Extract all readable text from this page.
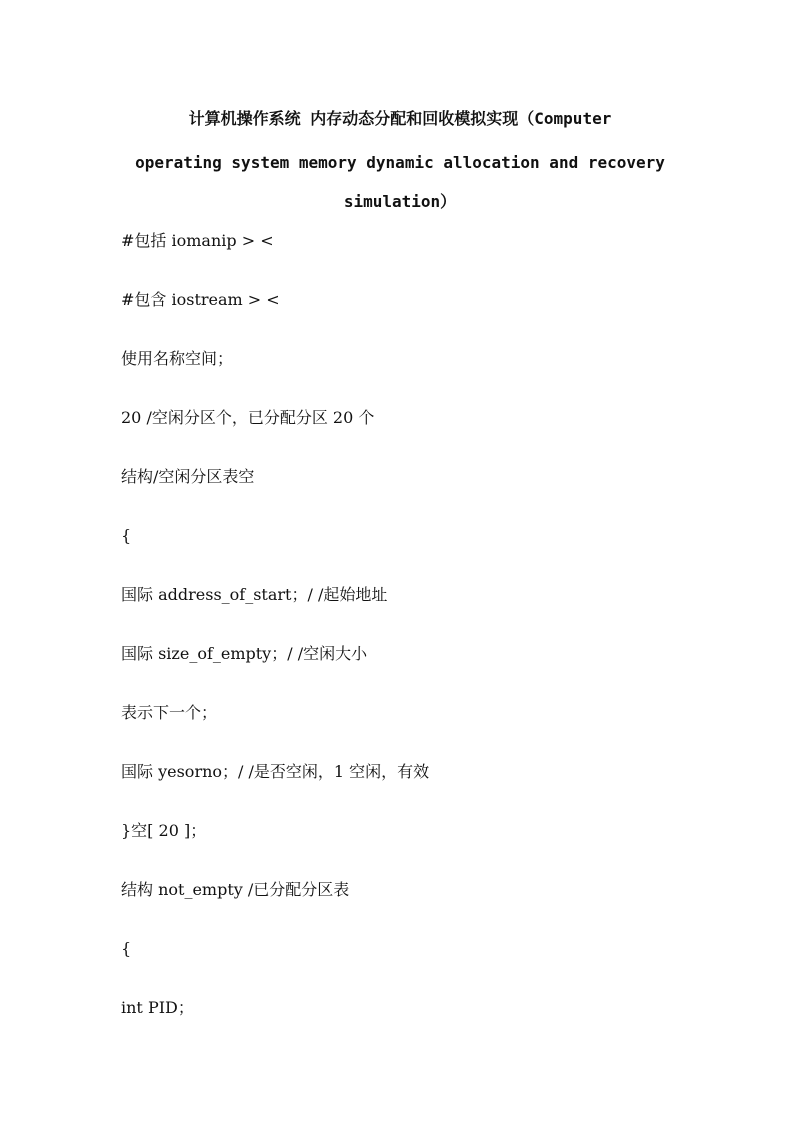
计算机操作系统 内存动态分配和回收模拟实现（Computer
operating system memory dynamic allocation and recovery
simulation）
#包括 iomanip > <
#包含 iostream > <
使用名称空间；
20 /空闲分区个，已分配分区 20 个
结构/空闲分区表空
{
国际 address_of_start；/ /起始地址
国际 size_of_empty；/ /空闲大小
表示下一个；
国际 yesorno；/ /是否空闲，1 空闲，有效
}空[ 20 ]；
结构 not_empty /已分配分区表
{
int PID；
